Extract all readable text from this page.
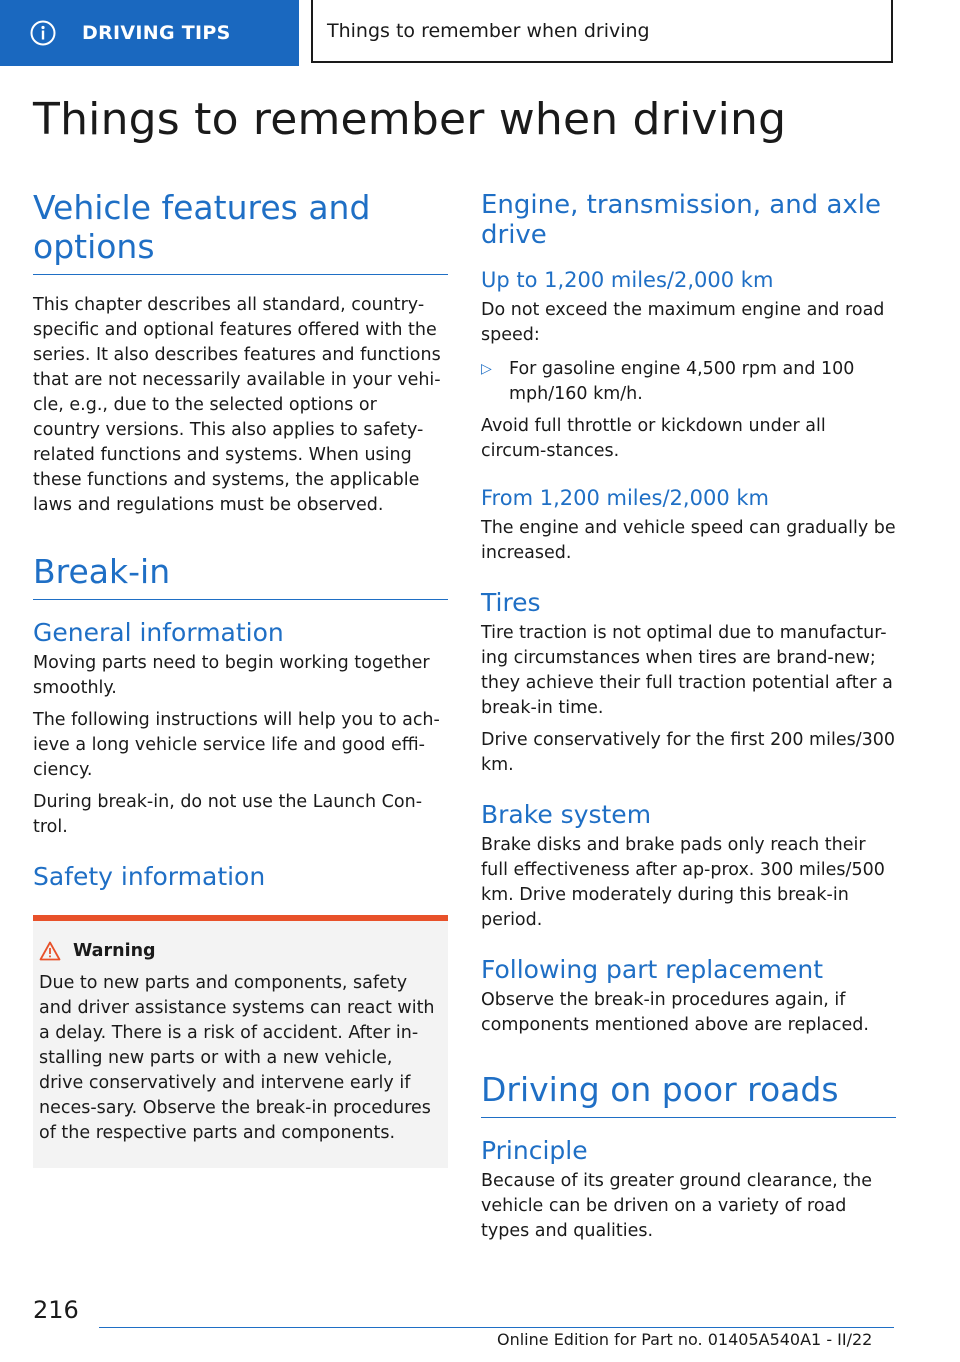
DRIVING TIPS	Things to remember when driving
Things to remember when driving
Vehicle features and options

This chapter describes all standard, country-specific and optional features offered with the series. It also describes features and functions that are not necessarily available in your vehi-cle, e.g., due to the selected options or country versions. This also applies to safety-related functions and systems. When using these functions and systems, the applicable laws and regulations must be observed.

Break-in
General information

Moving parts need to begin working together smoothly.

The following instructions will help you to ach-ieve a long vehicle service life and good effi-ciency.

During break-in, do not use the Launch Con-trol.

Safety information
Warning

Due to new parts and components, safety and driver assistance systems can react with a delay. There is a risk of accident. After in-stalling new parts or with a new vehicle, drive conservatively and intervene early if neces-sary. Observe the break-in procedures of the respective parts and components.

Engine, transmission, and axle drive
Up to 1,200 miles/2,000 km

Do not exceed the maximum engine and road speed:

▷ For gasoline engine 4,500 rpm and 100 mph/160 km/h.

Avoid full throttle or kickdown under all circum-stances.

From 1,200 miles/2,000 km

The engine and vehicle speed can gradually be increased.

Tires

Tire traction is not optimal due to manufactur-ing circumstances when tires are brand-new; they achieve their full traction potential after a break-in time.

Drive conservatively for the first 200 miles/300 km.

Brake system

Brake disks and brake pads only reach their full effectiveness after ap-prox. 300 miles/500 km. Drive moderately during this break-in period.

Following part replacement

Observe the break-in procedures again, if components mentioned above are replaced.

Driving on poor roads
Principle

Because of its greater ground clearance, the vehicle can be driven on a variety of road types and qualities.

216
Online Edition for Part no. 01405A540A1 - II/22
